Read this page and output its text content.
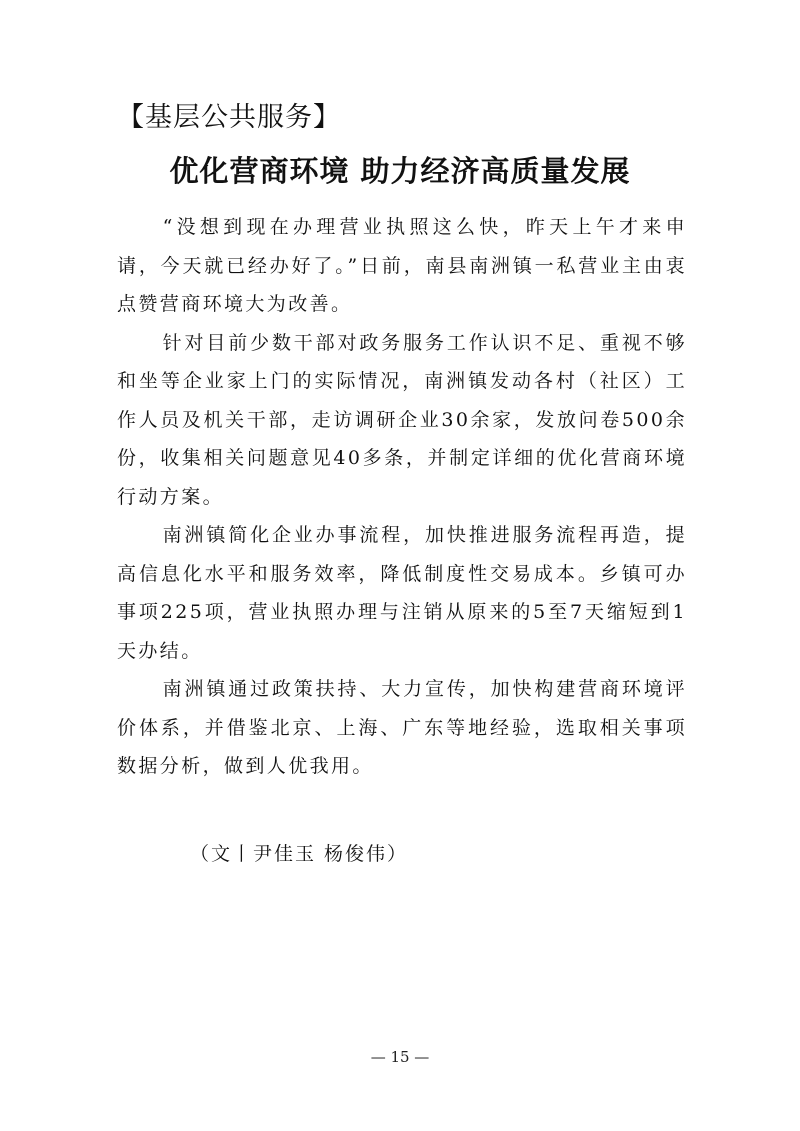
【基层公共服务】
优化营商环境 助力经济高质量发展

“没想到现在办理营业执照这么快，昨天上午才来申请，今天就已经办好了。”日前，南县南洲镇一私营业主由衷点赞营商环境大为改善。

针对目前少数干部对政务服务工作认识不足、重视不够和坐等企业家上门的实际情况，南洲镇发动各村（社区）工作人员及机关干部，走访调研企业30余家，发放问卷500余份，收集相关问题意见40多条，并制定详细的优化营商环境行动方案。

南洲镇简化企业办事流程，加快推进服务流程再造，提高信息化水平和服务效率，降低制度性交易成本。乡镇可办事项225项，营业执照办理与注销从原来的5至7天缩短到1天办结。

南洲镇通过政策扶持、大力宣传，加快构建营商环境评价体系，并借鉴北京、上海、广东等地经验，选取相关事项数据分析，做到人优我用。

（文丨尹佳玉 杨俊伟）
— 15 —
